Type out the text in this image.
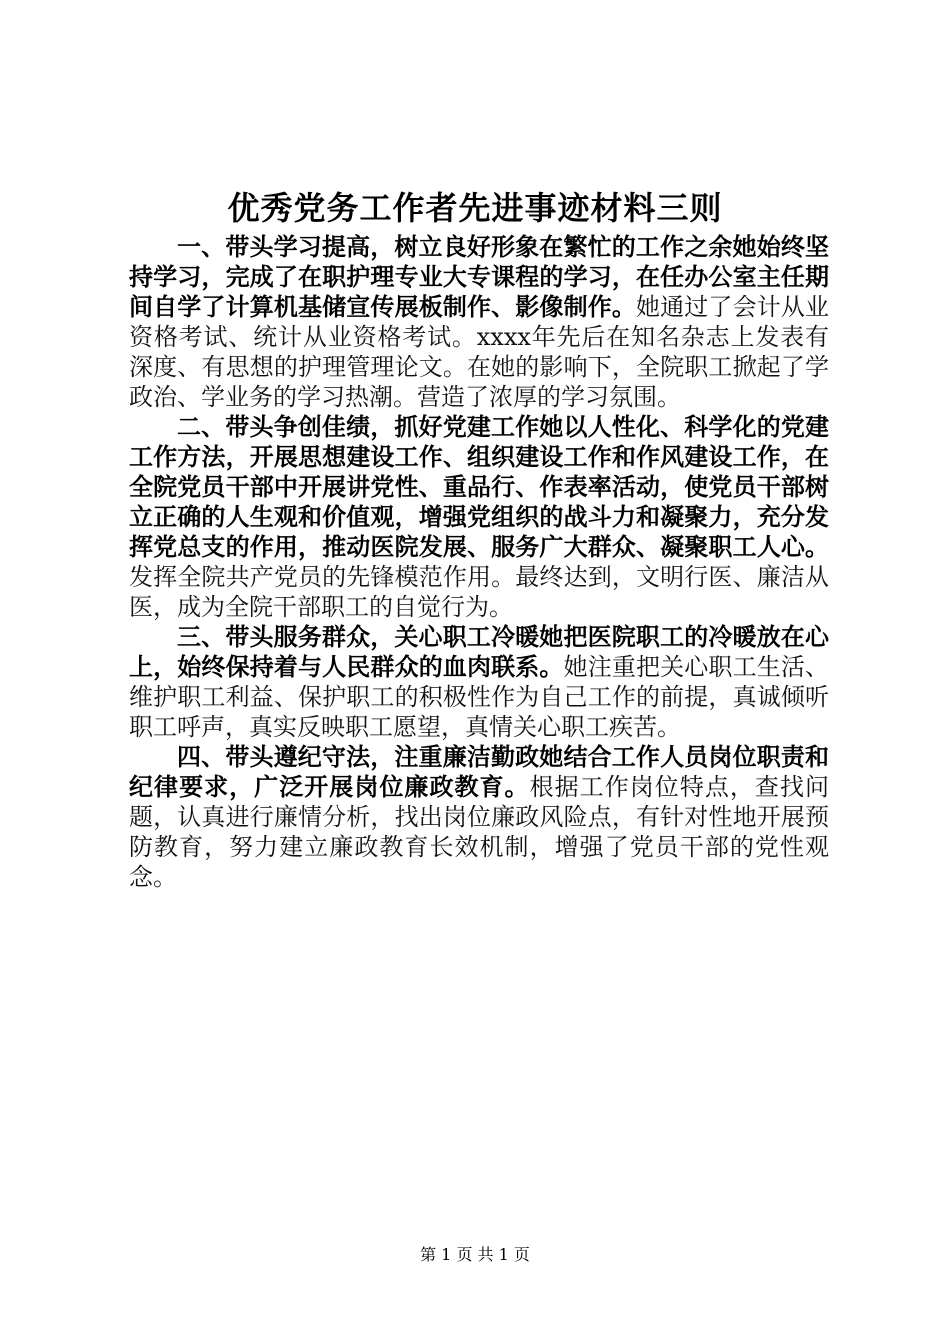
优秀党务工作者先进事迹材料三则

一、带头学习提高，树立良好形象在繁忙的工作之余她始终坚持学习，完成了在职护理专业大专课程的学习，在任办公室主任期间自学了计算机基储宣传展板制作、影像制作。她通过了会计从业资格考试、统计从业资格考试。xxxx年先后在知名杂志上发表有深度、有思想的护理管理论文。在她的影响下，全院职工掀起了学政治、学业务的学习热潮。营造了浓厚的学习氛围。

二、带头争创佳绩，抓好党建工作她以人性化、科学化的党建工作方法，开展思想建设工作、组织建设工作和作风建设工作，在全院党员干部中开展讲党性、重品行、作表率活动，使党员干部树立正确的人生观和价值观，增强党组织的战斗力和凝聚力，充分发挥党总支的作用，推动医院发展、服务广大群众、凝聚职工人心。发挥全院共产党员的先锋模范作用。最终达到，文明行医、廉洁从医，成为全院干部职工的自觉行为。

三、带头服务群众，关心职工冷暖她把医院职工的冷暖放在心上，始终保持着与人民群众的血肉联系。她注重把关心职工生活、维护职工利益、保护职工的积极性作为自己工作的前提，真诚倾听职工呼声，真实反映职工愿望，真情关心职工疾苦。

四、带头遵纪守法，注重廉洁勤政她结合工作人员岗位职责和纪律要求，广泛开展岗位廉政教育。根据工作岗位特点，查找问题，认真进行廉情分析，找出岗位廉政风险点，有针对性地开展预防教育，努力建立廉政教育长效机制，增强了党员干部的党性观念。

第 1 页 共 1 页
